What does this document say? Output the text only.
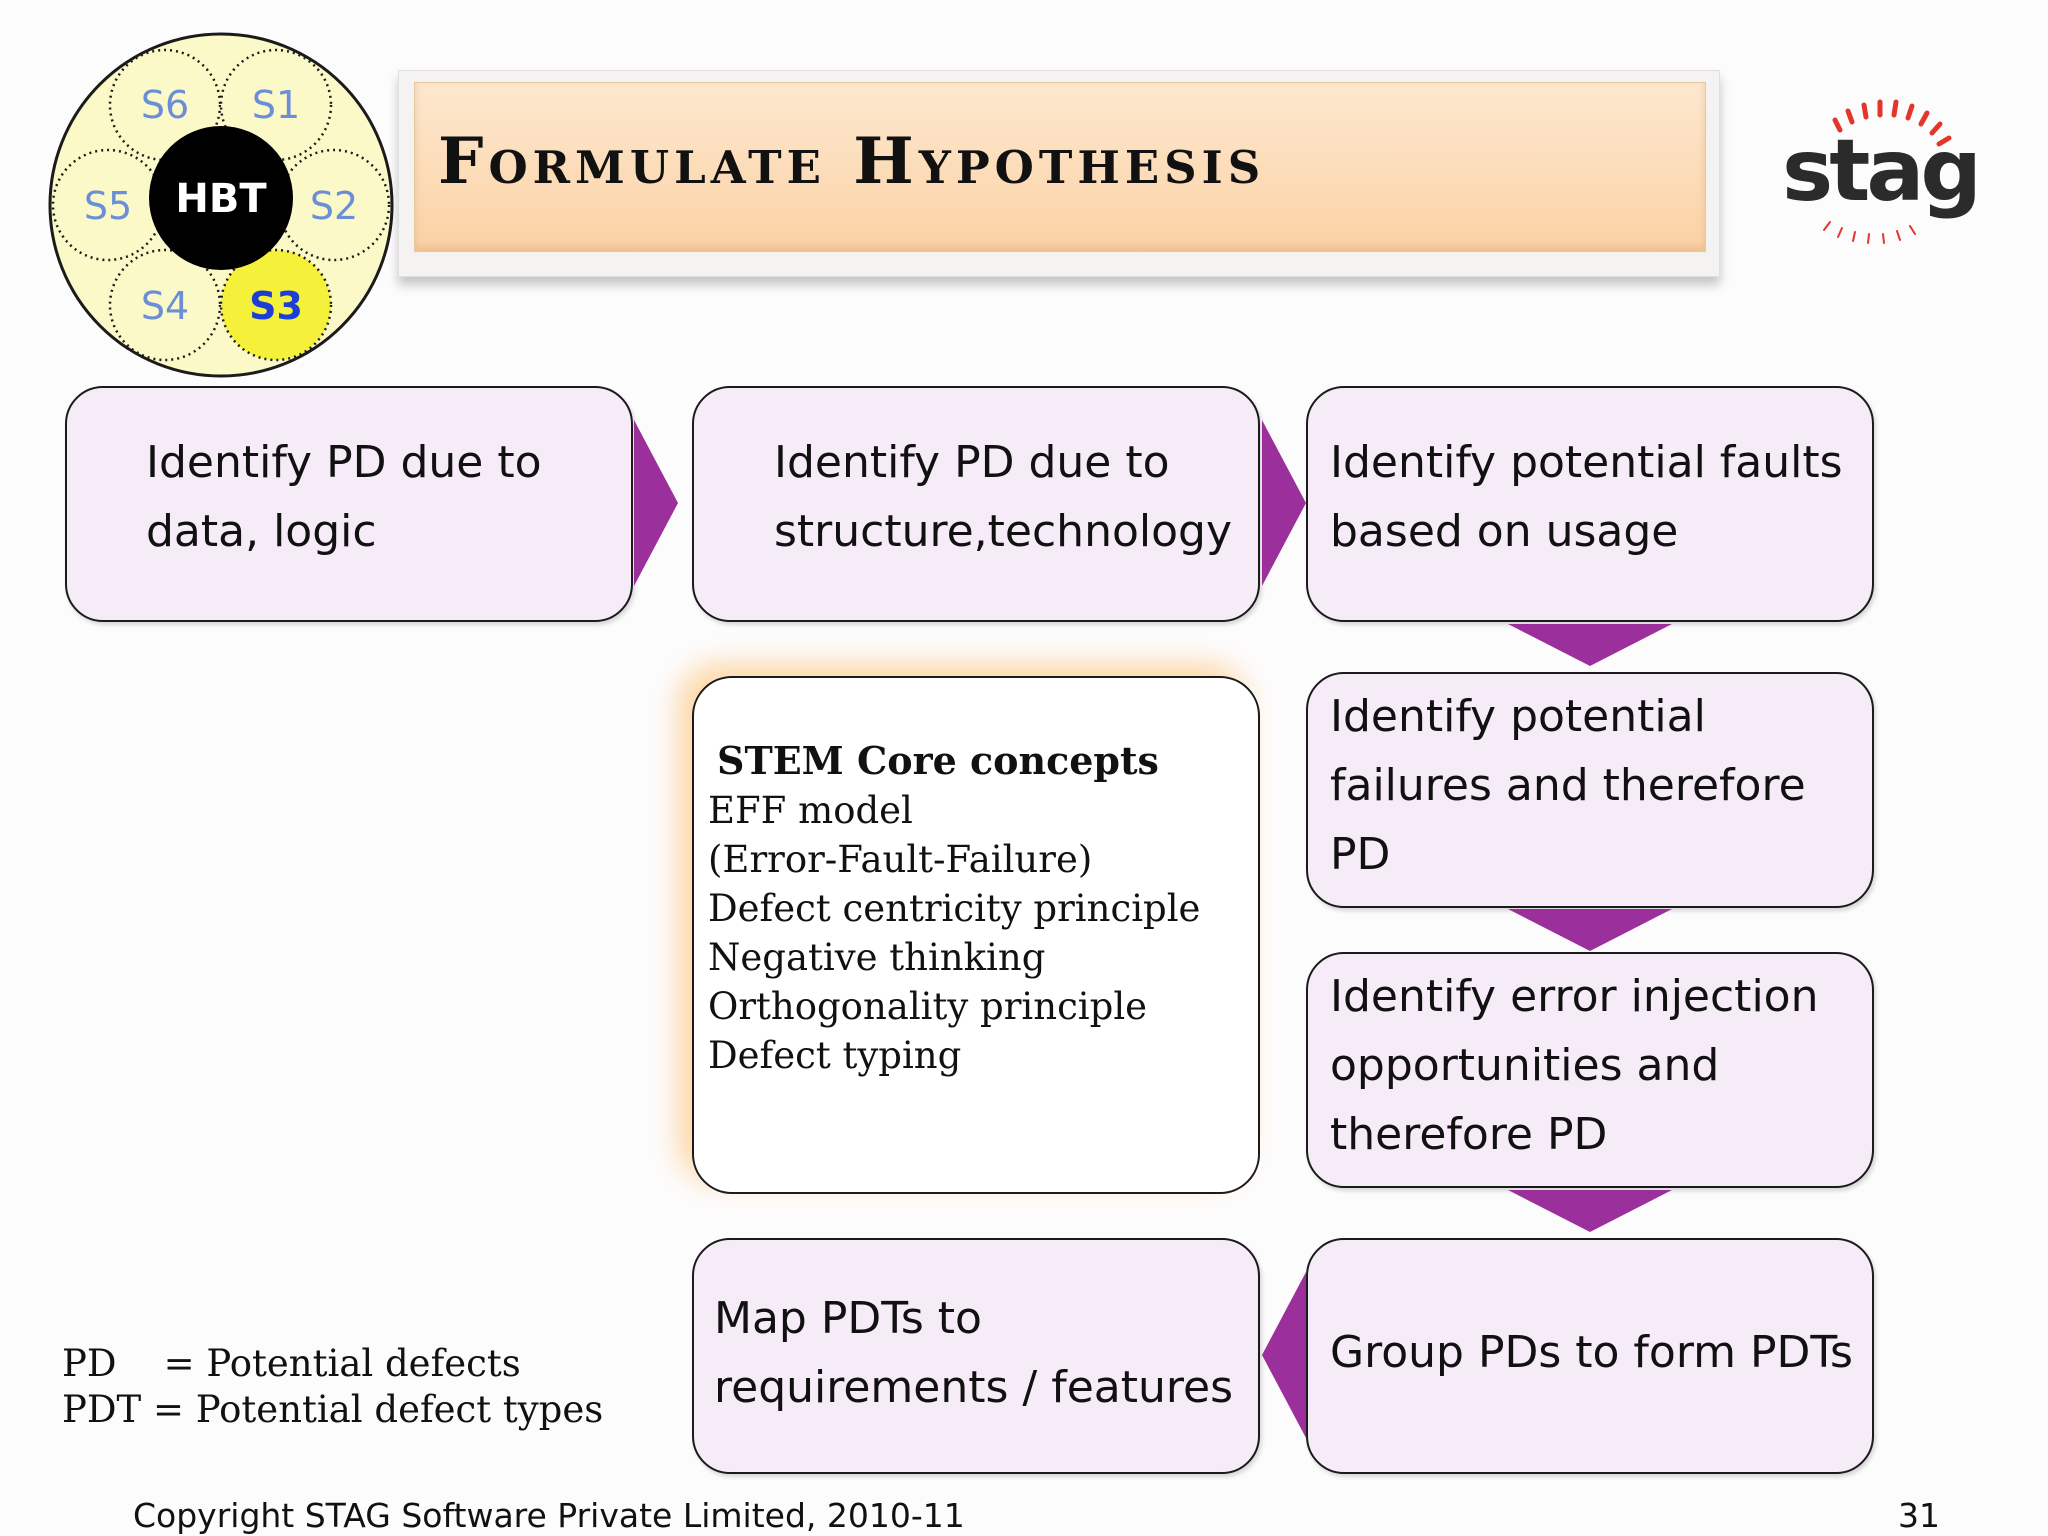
HBT
S6 S1
S5	S2
S4 S3
Formulate Hypothesis	stag
Identify PD due to
data, logic
Identify PD due to
structure,technology
Identify potential faults
based on usage
Identify potential
failures and therefore
PD
Identify error injection
opportunities and
therefore PD
Group PDs to form PDTs
Map PDTs to
requirements / features
STEM Core concepts
EFF model
(Error-Fault-Failure)
Defect centricity principle
Negative thinking
Orthogonality principle
Defect typing
PD    = Potential defects
PDT = Potential defect types
Copyright STAG Software Private Limited, 2010-11	31
